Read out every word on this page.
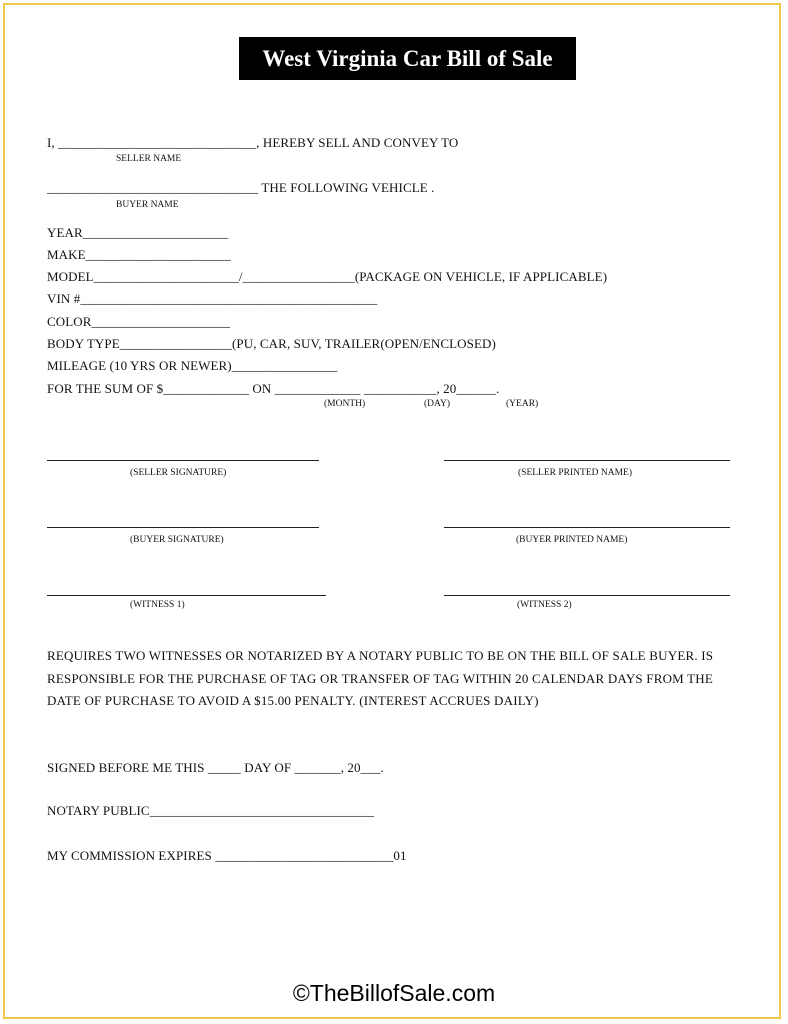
West Virginia Car Bill of Sale
I, ______________________________, HEREBY SELL AND CONVEY TO
SELLER NAME
________________________________ THE FOLLOWING VEHICLE .
BUYER NAME
YEAR______________________
MAKE______________________
MODEL______________________/_________________(PACKAGE ON VEHICLE, IF APPLICABLE)
VIN #_____________________________________________
COLOR_____________________
BODY TYPE_________________(PU, CAR, SUV, TRAILER(OPEN/ENCLOSED)
MILEAGE (10 YRS OR NEWER)________________
FOR THE SUM OF $_____________ ON _____________ ___________, 20______.
(MONTH)	(DAY)	(YEAR)
(SELLER SIGNATURE)	(SELLER PRINTED NAME)
(BUYER SIGNATURE)	(BUYER PRINTED NAME)
(WITNESS 1)	(WITNESS 2)
REQUIRES TWO WITNESSES OR NOTARIZED BY A NOTARY PUBLIC TO BE ON THE BILL OF SALE BUYER. IS RESPONSIBLE FOR THE PURCHASE OF TAG OR TRANSFER OF TAG WITHIN 20 CALENDAR DAYS FROM THE DATE OF PURCHASE TO AVOID A $15.00 PENALTY. (INTEREST ACCRUES DAILY)
SIGNED BEFORE ME THIS _____ DAY OF _______, 20___.
NOTARY PUBLIC__________________________________
MY COMMISSION EXPIRES ___________________________01
©TheBillofSale.com
